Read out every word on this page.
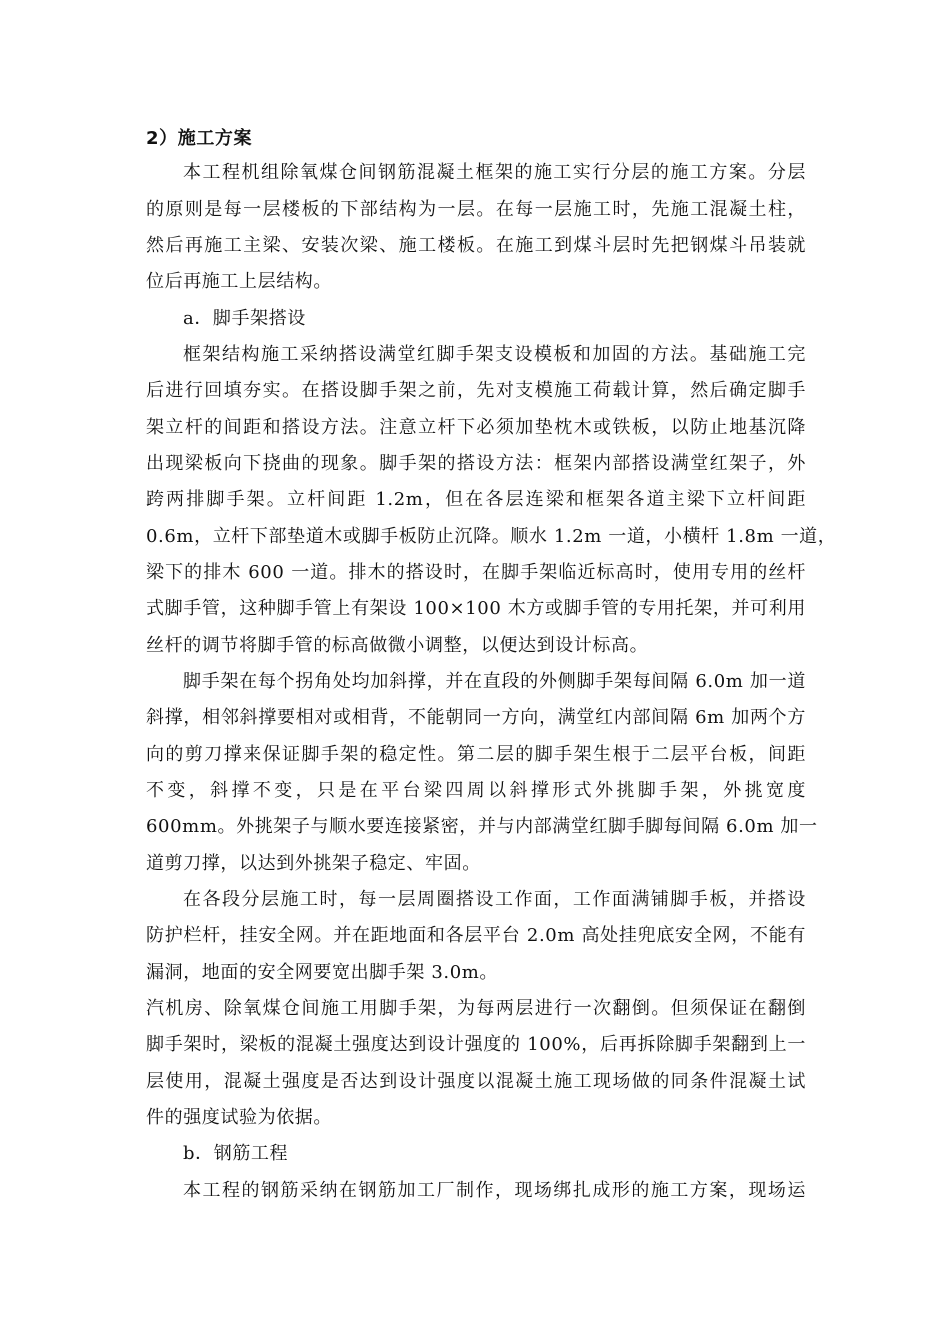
2）施工方案
本工程机组除氧煤仓间钢筋混凝土框架的施工实行分层的施工方案。分层
的原则是每一层楼板的下部结构为一层。在每一层施工时，先施工混凝土柱，
然后再施工主梁、安装次梁、施工楼板。在施工到煤斗层时先把钢煤斗吊装就
位后再施工上层结构。
a．脚手架搭设
框架结构施工采纳搭设满堂红脚手架支设模板和加固的方法。基础施工完
后进行回填夯实。在搭设脚手架之前，先对支模施工荷载计算，然后确定脚手
架立杆的间距和搭设方法。注意立杆下必须加垫枕木或铁板，以防止地基沉降
出现梁板向下挠曲的现象。脚手架的搭设方法：框架内部搭设满堂红架子，外
跨两排脚手架。立杆间距 1.2m，但在各层连梁和框架各道主梁下立杆间距
0.6m，立杆下部垫道木或脚手板防止沉降。顺水 1.2m 一道，小横杆 1.8m 一道，
梁下的排木 600 一道。排木的搭设时，在脚手架临近标高时，使用专用的丝杆
式脚手管，这种脚手管上有架设 100×100 木方或脚手管的专用托架，并可利用
丝杆的调节将脚手管的标高做微小调整，以便达到设计标高。
脚手架在每个拐角处均加斜撑，并在直段的外侧脚手架每间隔 6.0m 加一道
斜撑，相邻斜撑要相对或相背，不能朝同一方向，满堂红内部间隔 6m 加两个方
向的剪刀撑来保证脚手架的稳定性。第二层的脚手架生根于二层平台板，间距
不变，斜撑不变，只是在平台梁四周以斜撑形式外挑脚手架，外挑宽度
600mm。外挑架子与顺水要连接紧密，并与内部满堂红脚手脚每间隔 6.0m 加一
道剪刀撑，以达到外挑架子稳定、牢固。
在各段分层施工时，每一层周圈搭设工作面，工作面满铺脚手板，并搭设
防护栏杆，挂安全网。并在距地面和各层平台 2.0m 高处挂兜底安全网，不能有
漏洞，地面的安全网要宽出脚手架 3.0m。
汽机房、除氧煤仓间施工用脚手架，为每两层进行一次翻倒。但须保证在翻倒
脚手架时，梁板的混凝土强度达到设计强度的 100%，后再拆除脚手架翻到上一
层使用，混凝土强度是否达到设计强度以混凝土施工现场做的同条件混凝土试
件的强度试验为依据。
b．钢筋工程
本工程的钢筋采纳在钢筋加工厂制作，现场绑扎成形的施工方案，现场运
